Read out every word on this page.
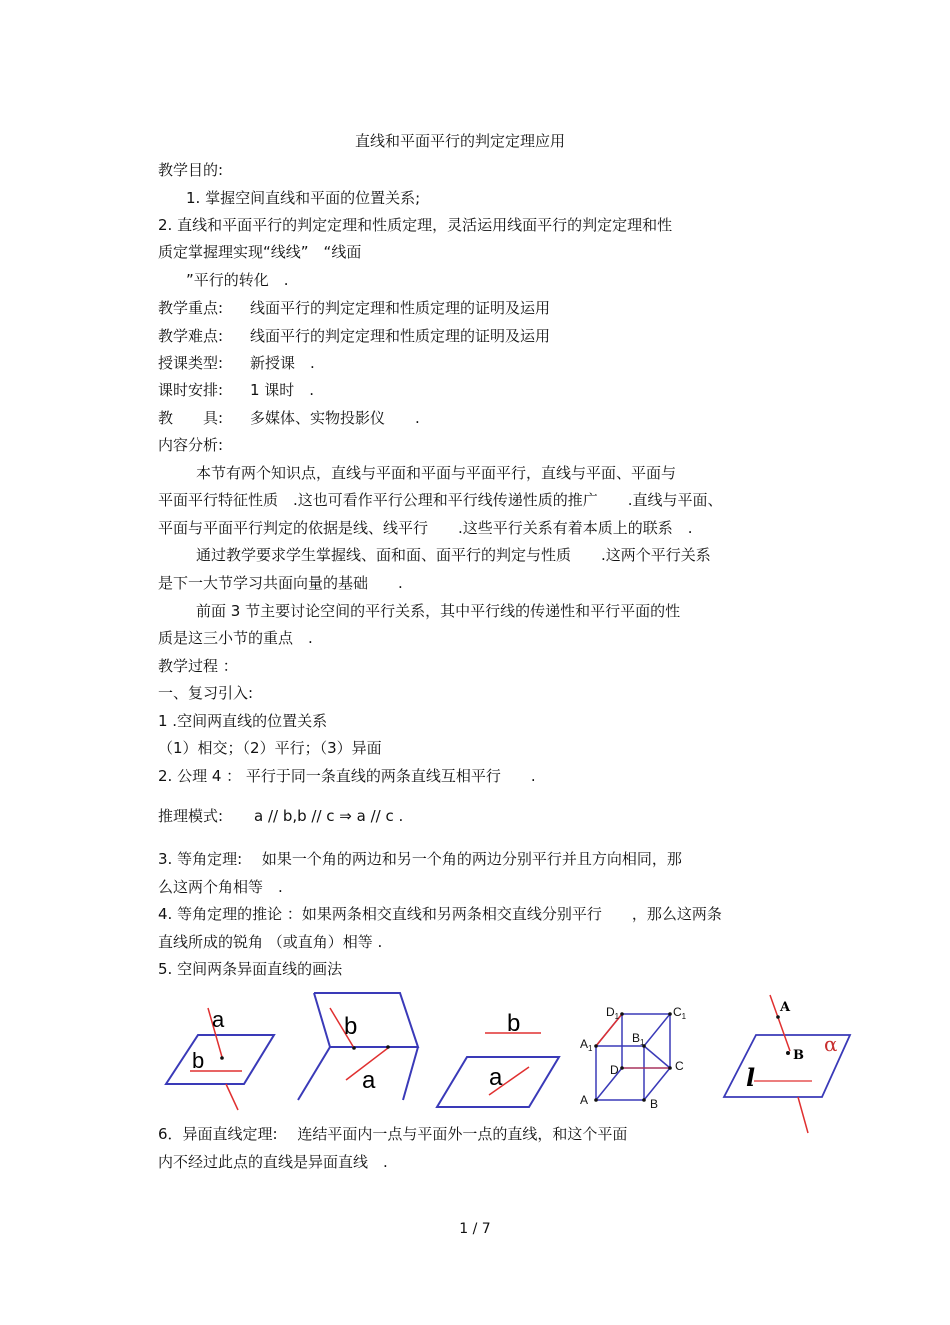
直线和平面平行的判定定理应用
教学目的:
1. 掌握空间直线和平面的位置关系;
2. 直线和平面平行的判定定理和性质定理，灵活运用线面平行的判定定理和性
质定掌握理实现“线线”　“线面
”平行的转化　.
教学重点: 线面平行的判定定理和性质定理的证明及运用
教学难点: 线面平行的判定定理和性质定理的证明及运用
授课类型: 新授课　.
课时安排: 1 课时　.
教　　具: 多媒体、实物投影仪　　.
内容分析:
本节有两个知识点，直线与平面和平面与平面平行，直线与平面、平面与
平面平行特征性质　.这也可看作平行公理和平行线传递性质的推广　　.直线与平面、
平面与平面平行判定的依据是线、线平行　　.这些平行关系有着本质上的联系　.
通过教学要求学生掌握线、面和面、面平行的判定与性质　　.这两个平行关系
是下一大节学习共面向量的基础　　.
前面 3 节主要讨论空间的平行关系，其中平行线的传递性和平行平面的性
质是这三小节的重点　.
教学过程 ：
一、复习引入:
1 .空间两直线的位置关系
（1）相交；（2）平行；（3）异面
2. 公理 4 ： 平行于同一条直线的两条直线互相平行　　.
推理模式: a // b,b // c ⇒ a // c .
3. 等角定理:　 如果一个角的两边和另一个角的两边分别平行并且方向相同，那
么这两个角相等　.
4. 等角定理的推论 ：如果两条相交直线和另两条相交直线分别平行　　，那么这两条
直线所成的锐角 （或直角）相等 .
5. 空间两条异面直线的画法
a
b
b
a
b
a
$D_1$	$C_1$
$A_1$
$B_1$
D	C
A	B
A
B
l
α
6．异面直线定理:　 连结平面内一点与平面外一点的直线，和这个平面
内不经过此点的直线是异面直线　.
1 / 7
